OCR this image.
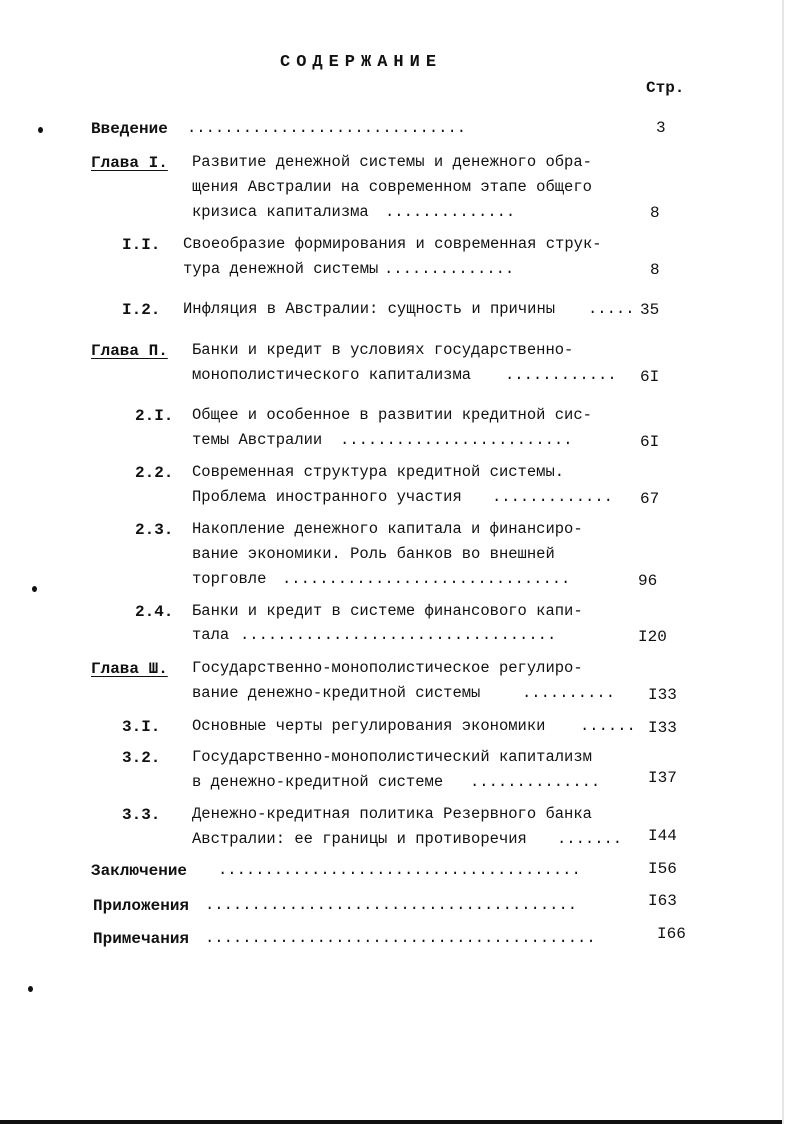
СОДЕРЖАНИЕ
Стр.
Введение ..............................	3
Глава I. Развитие денежной системы и денежного обра-
щения Австралии на современном этапе общего
кризиса капитализма ..............	8
I.I. Своеобразие формирования и современная струк-
тура денежной системы ..............	8
I.2. Инфляция в Австралии: сущность и причины ..... 35
Глава П. Банки и кредит в условиях государственно-
монополистического капитализма ............ 6I
2.I. Общее и особенное в развитии кредитной сис-
темы Австралии .........................	6I
2.2. Современная структура кредитной системы.
Проблема иностранного участия ............. 67
2.3. Накопление денежного капитала и финансиро-
вание экономики. Роль банков во внешней
торговле ...............................	96
2.4. Банки и кредит в системе финансового капи-
тала ..................................	I20
Глава Ш. Государственно-монополистическое регулиро-
вание денежно-кредитной системы	.......... I33
3.I. Основные черты регулирования экономики ...... I33
3.2. Государственно-монополистический капитализм
в денежно-кредитной системе ..............	I37
3.3. Денежно-кредитная политика Резервного банка
Австралии: ее границы и противоречия ....... I44
Заключение .......................................	I56
Приложения ........................................	I63
Примечания ..........................................	I66
